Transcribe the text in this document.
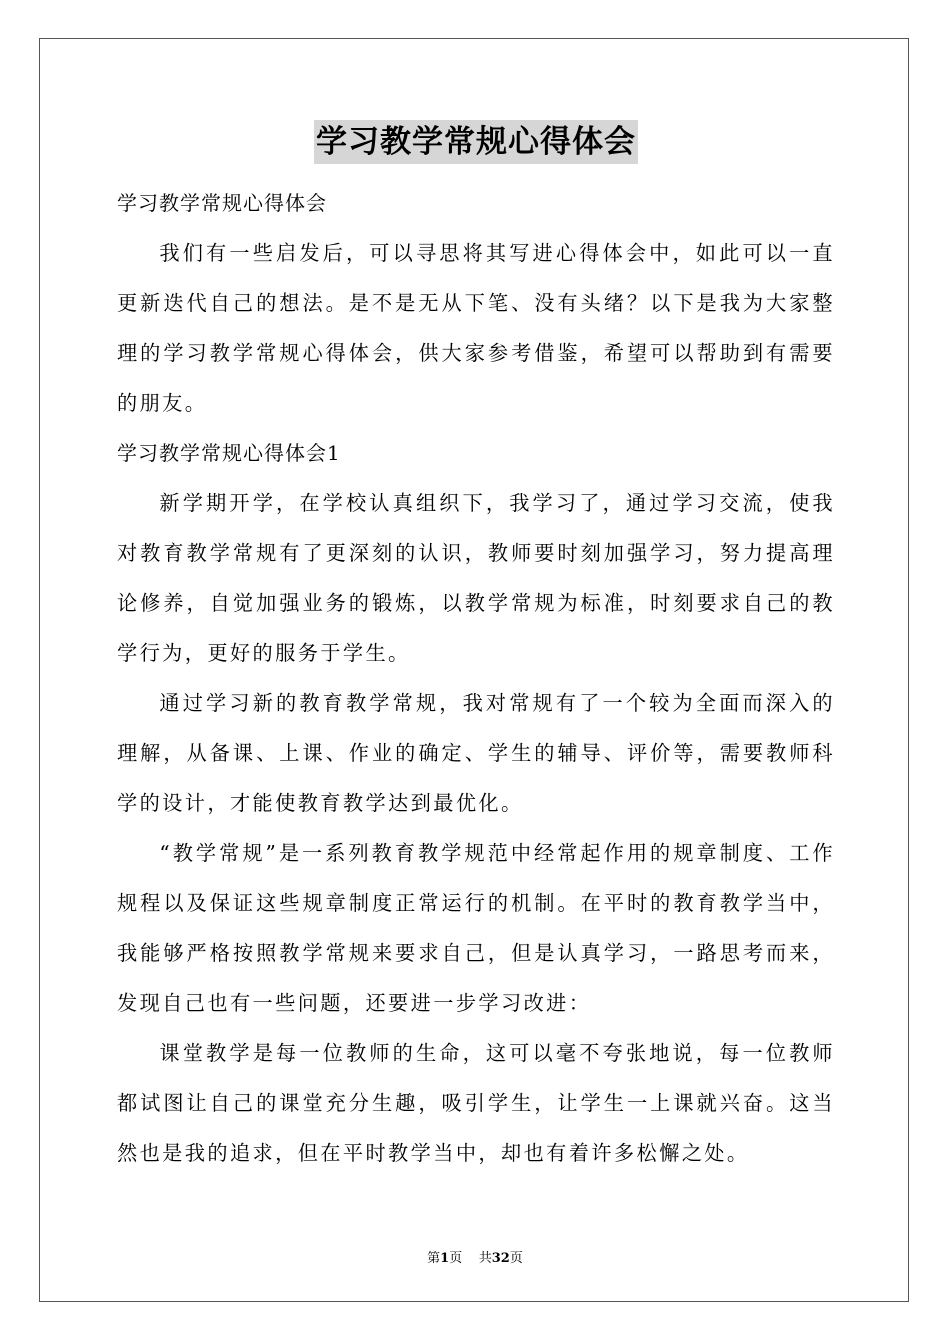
学习教学常规心得体会

学习教学常规心得体会

我们有一些启发后，可以寻思将其写进心得体会中，如此可以一直更新迭代自己的想法。是不是无从下笔、没有头绪？以下是我为大家整理的学习教学常规心得体会，供大家参考借鉴，希望可以帮助到有需要的朋友。

学习教学常规心得体会1

新学期开学，在学校认真组织下，我学习了，通过学习交流，使我对教育教学常规有了更深刻的认识，教师要时刻加强学习，努力提高理论修养，自觉加强业务的锻炼，以教学常规为标准，时刻要求自己的教学行为，更好的服务于学生。

通过学习新的教育教学常规，我对常规有了一个较为全面而深入的理解，从备课、上课、作业的确定、学生的辅导、评价等，需要教师科学的设计，才能使教育教学达到最优化。

“教学常规”是一系列教育教学规范中经常起作用的规章制度、工作规程以及保证这些规章制度正常运行的机制。在平时的教育教学当中，我能够严格按照教学常规来要求自己，但是认真学习，一路思考而来，发现自己也有一些问题，还要进一步学习改进：

课堂教学是每一位教师的生命，这可以毫不夸张地说，每一位教师都试图让自己的课堂充分生趣，吸引学生，让学生一上课就兴奋。这当然也是我的追求，但在平时教学当中，却也有着许多松懈之处。

第1页 共32页
